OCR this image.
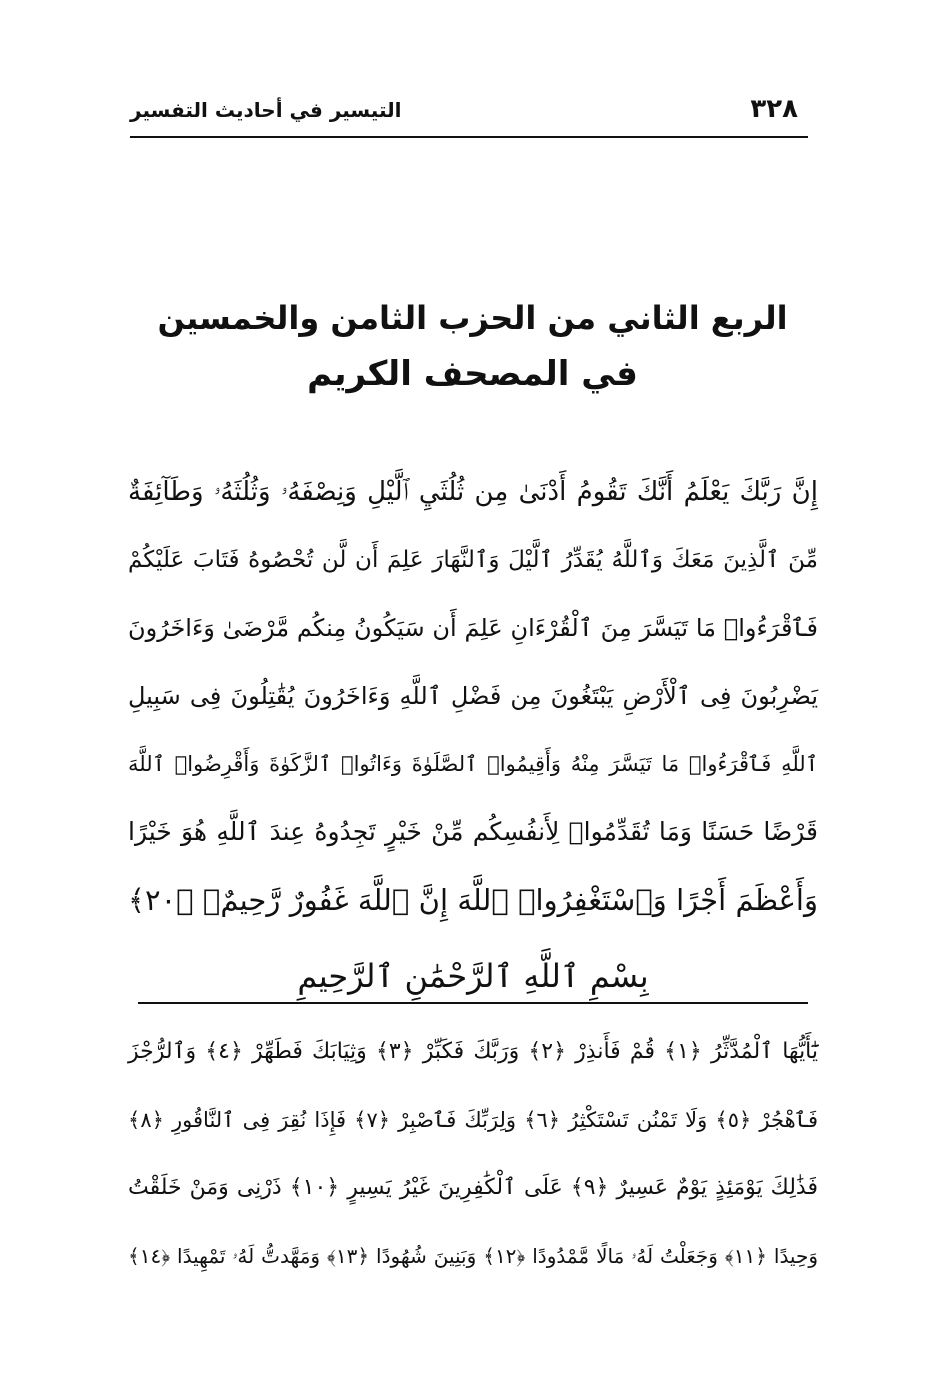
٣٢٨
التيسير في أحاديث التفسير
الربع الثاني من الحزب الثامن والخمسين
في المصحف الكريم
إِنَّ رَبَّكَ يَعْلَمُ أَنَّكَ تَقُومُ أَدْنَىٰ مِن ثُلُثَيِ ٱلَّيْلِ وَنِصْفَهُۥ وَثُلُثَهُۥ وَطَآئِفَةٌ
مِّنَ ٱلَّذِينَ مَعَكَ وَٱللَّهُ يُقَدِّرُ ٱلَّيْلَ وَٱلنَّهَارَ عَلِمَ أَن لَّن تُحْصُوهُ فَتَابَ عَلَيْكُمْ
فَٱقْرَءُوا۟ مَا تَيَسَّرَ مِنَ ٱلْقُرْءَانِ عَلِمَ أَن سَيَكُونُ مِنكُم مَّرْضَىٰ وَءَاخَرُونَ
يَضْرِبُونَ فِى ٱلْأَرْضِ يَبْتَغُونَ مِن فَضْلِ ٱللَّهِ وَءَاخَرُونَ يُقَٰتِلُونَ فِى سَبِيلِ
ٱللَّهِ فَٱقْرَءُوا۟ مَا تَيَسَّرَ مِنْهُ وَأَقِيمُوا۟ ٱلصَّلَوٰةَ وَءَاتُوا۟ ٱلزَّكَوٰةَ وَأَقْرِضُوا۟ ٱللَّهَ
قَرْضًا حَسَنًا وَمَا تُقَدِّمُوا۟ لِأَنفُسِكُم مِّنْ خَيْرٍ تَجِدُوهُ عِندَ ٱللَّهِ هُوَ خَيْرًا
وَأَعْظَمَ أَجْرًا وَٱسْتَغْفِرُوا۟ ٱللَّهَ إِنَّ ٱللَّهَ غَفُورٌ رَّحِيمٌۢ ﴿٢٠﴾
بِسْمِ ٱللَّهِ ٱلرَّحْمَٰنِ ٱلرَّحِيمِ
يَٰٓأَيُّهَا ٱلْمُدَّثِّرُ ﴿١﴾ قُمْ فَأَنذِرْ ﴿٢﴾ وَرَبَّكَ فَكَبِّرْ ﴿٣﴾ وَثِيَابَكَ فَطَهِّرْ ﴿٤﴾ وَٱلرُّجْزَ
فَٱهْجُرْ ﴿٥﴾ وَلَا تَمْنُن تَسْتَكْثِرُ ﴿٦﴾ وَلِرَبِّكَ فَٱصْبِرْ ﴿٧﴾ فَإِذَا نُقِرَ فِى ٱلنَّاقُورِ ﴿٨﴾
فَذَٰلِكَ يَوْمَئِذٍ يَوْمٌ عَسِيرٌ ﴿٩﴾ عَلَى ٱلْكَٰفِرِينَ غَيْرُ يَسِيرٍ ﴿١٠﴾ ذَرْنِى وَمَنْ خَلَقْتُ
وَحِيدًا ﴿١١﴾ وَجَعَلْتُ لَهُۥ مَالًا مَّمْدُودًا ﴿١٢﴾ وَبَنِينَ شُهُودًا ﴿١٣﴾ وَمَهَّدتُّ لَهُۥ تَمْهِيدًا ﴿١٤﴾
